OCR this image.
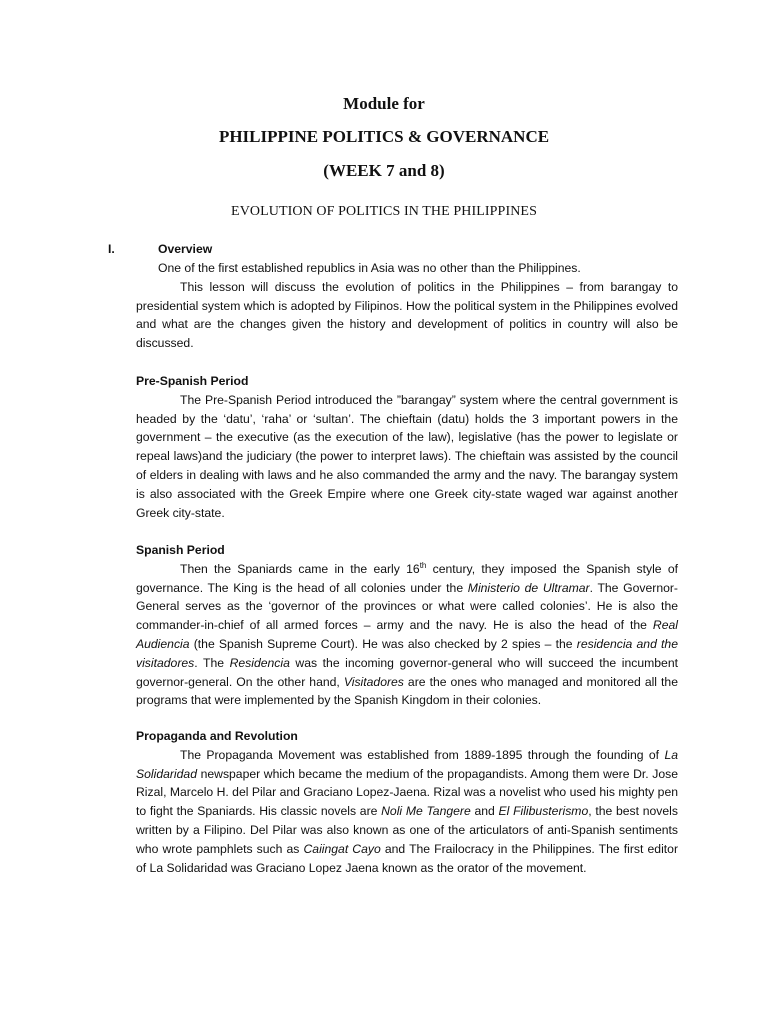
Module for
PHILIPPINE POLITICS & GOVERNANCE
(WEEK 7 and 8)
EVOLUTION OF POLITICS IN THE PHILIPPINES
I.	Overview

One of the first established republics in Asia was no other than the Philippines.

This lesson will discuss the evolution of politics in the Philippines – from barangay to presidential system which is adopted by Filipinos. How the political system in the Philippines evolved and what are the changes given the history and development of politics in country will also be discussed.

Pre-Spanish Period

The Pre-Spanish Period introduced the ”barangay” system where the central government is headed by the ‘datu’, ‘raha’ or ‘sultan’. The chieftain (datu) holds the 3 important powers in the government – the executive (as the execution of the law), legislative (has the power to legislate or repeal laws)and the judiciary (the power to interpret laws). The chieftain was assisted by the council of elders in dealing with laws and he also commanded the army and the navy. The barangay system is also associated with the Greek Empire where one Greek city-state waged war against another Greek city-state.

Spanish Period

Then the Spaniards came in the early 16th century, they imposed the Spanish style of governance. The King is the head of all colonies under the Ministerio de Ultramar. The Governor-General serves as the ‘governor of the provinces or what were called colonies’. He is also the commander-in-chief of all armed forces – army and the navy. He is also the head of the Real Audiencia (the Spanish Supreme Court). He was also checked by 2 spies – the residencia and the visitadores. The Residencia was the incoming governor-general who will succeed the incumbent governor-general. On the other hand, Visitadores are the ones who managed and monitored all the programs that were implemented by the Spanish Kingdom in their colonies.

Propaganda and Revolution

The Propaganda Movement was established from 1889-1895 through the founding of La Solidaridad newspaper which became the medium of the propagandists. Among them were Dr. Jose Rizal, Marcelo H. del Pilar and Graciano Lopez-Jaena. Rizal was a novelist who used his mighty pen to fight the Spaniards. His classic novels are Noli Me Tangere and El Filibusterismo, the best novels written by a Filipino. Del Pilar was also known as one of the articulators of anti-Spanish sentiments who wrote pamphlets such as Caiingat Cayo and The Frailocracy in the Philippines. The first editor of La Solidaridad was Graciano Lopez Jaena known as the orator of the movement.
